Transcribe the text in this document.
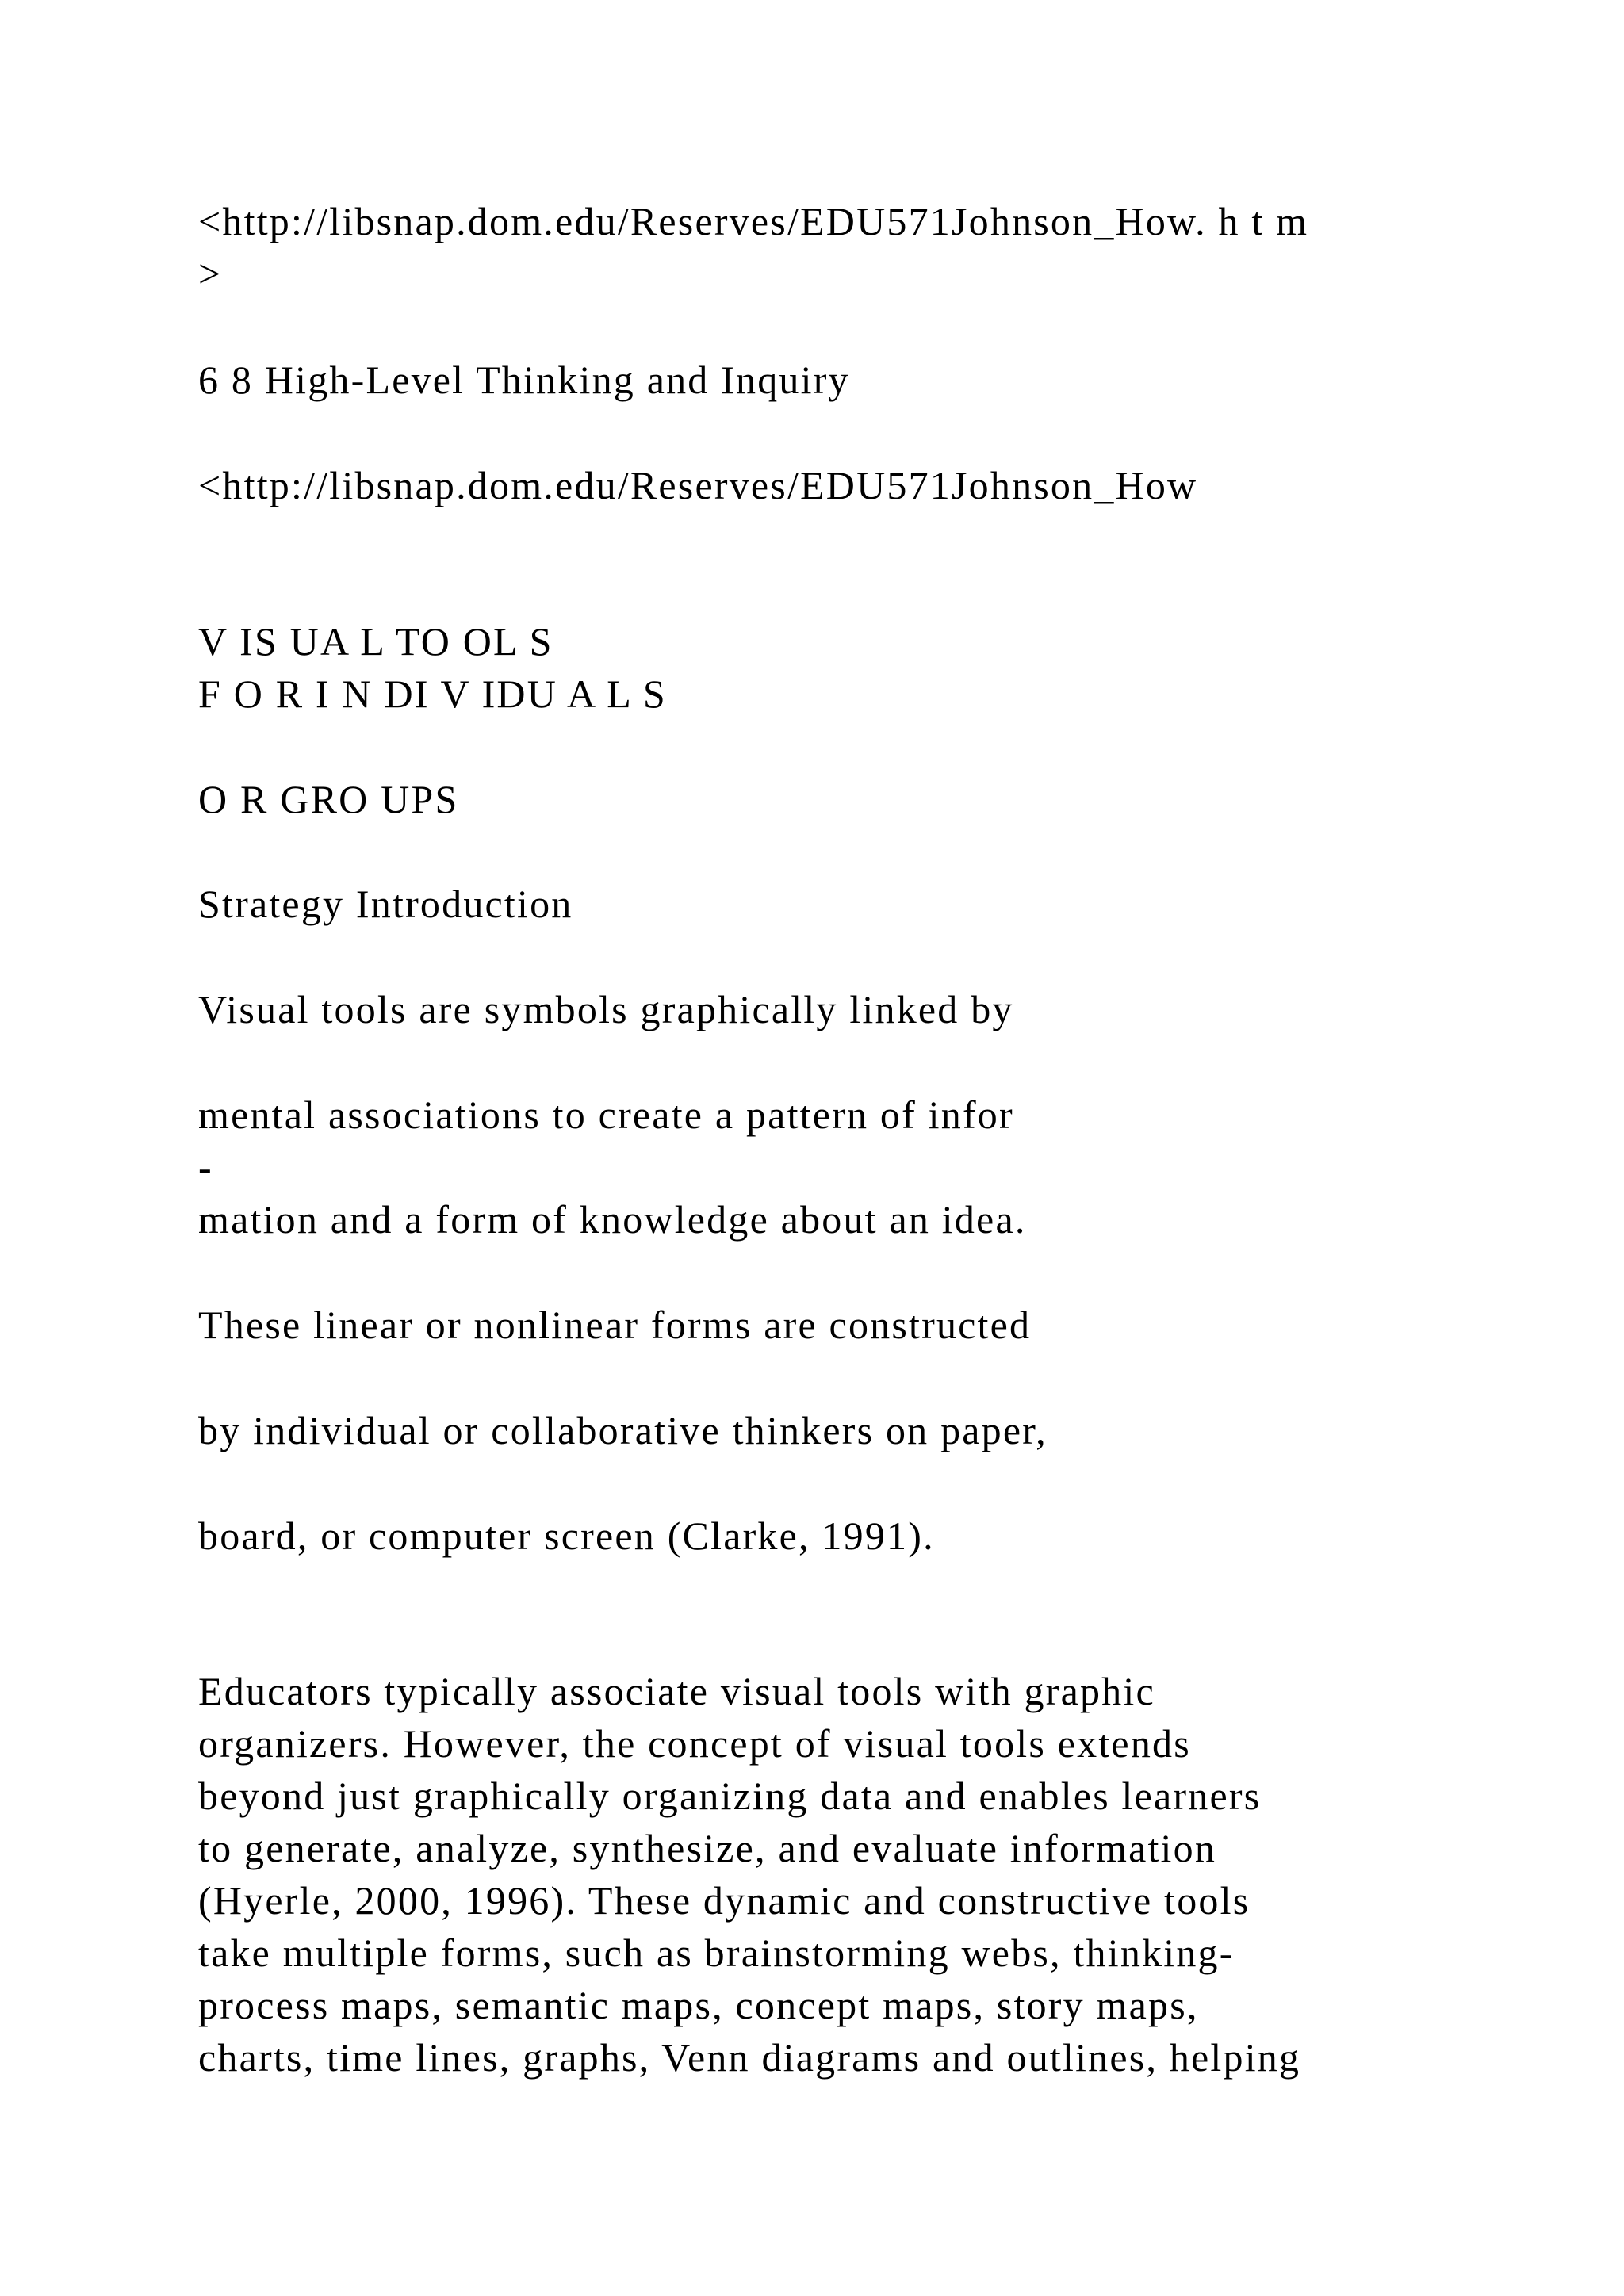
<http://libsnap.dom.edu/Reserves/EDU571Johnson_How. h t m

>

6 8 High-Level Thinking and Inquiry

<http://libsnap.dom.edu/Reserves/EDU571Johnson_How

V IS UA L TO OL S

F O R I N DI V IDU A L S

O R GRO UPS

Strategy Introduction

Visual tools are symbols graphically linked by

mental associations to create a pattern of infor

-

mation and a form of knowledge about an idea.

These linear or nonlinear forms are constructed

by individual or collaborative thinkers on paper,

board, or computer screen (Clarke, 1991).

Educators typically associate visual tools with graphic

organizers. However, the concept of visual tools extends

beyond just graphically organizing data and enables learners

to generate, analyze, synthesize, and evaluate information

(Hyerle, 2000, 1996). These dynamic and constructive tools

take multiple forms, such as brainstorming webs, thinking-

process maps, semantic maps, concept maps, story maps,

charts, time lines, graphs, Venn diagrams and outlines, helping
